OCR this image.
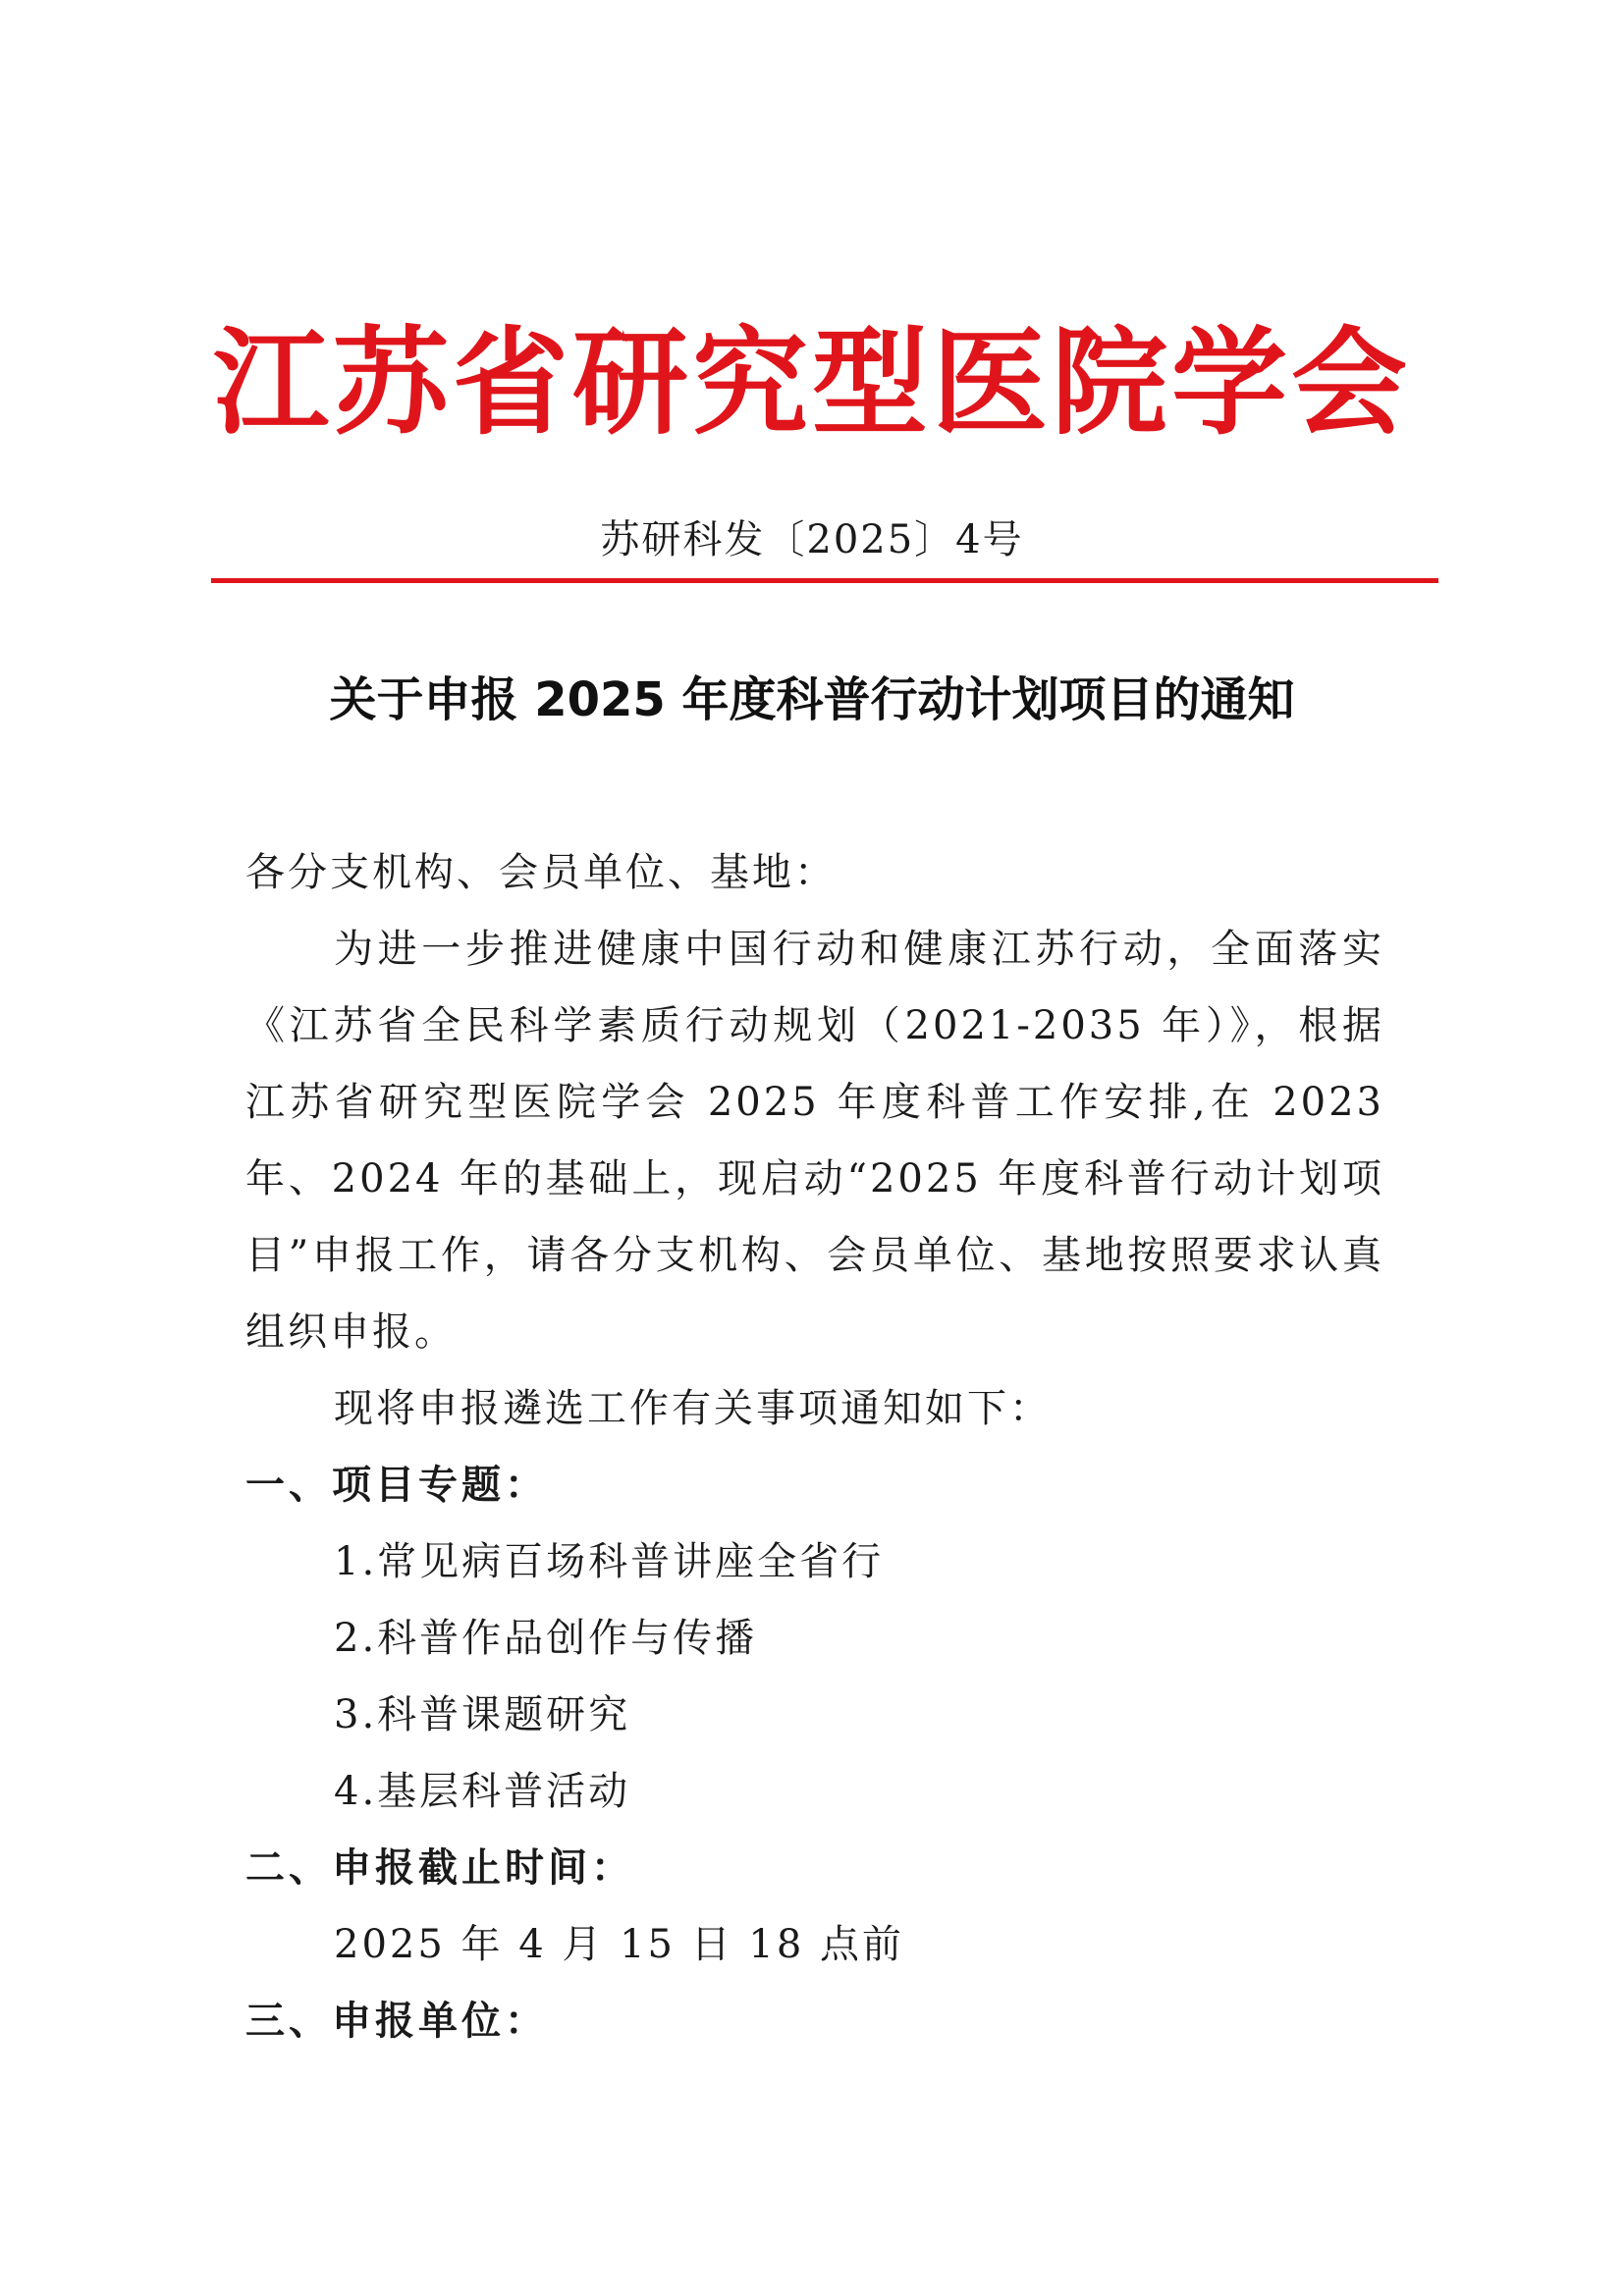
江苏省研究型医院学会
苏研科发〔2025〕4号
关于申报 2025 年度科普行动计划项目的通知

各分支机构、会员单位、基地：

为进一步推进健康中国行动和健康江苏行动，全面落实《江苏省全民科学素质行动规划（2021-2035 年）》，根据江苏省研究型医院学会 2025 年度科普工作安排,在 2023 年、2024 年的基础上，现启动“2025 年度科普行动计划项目”申报工作，请各分支机构、会员单位、基地按照要求认真组织申报。

现将申报遴选工作有关事项通知如下：

一、项目专题：

1.常见病百场科普讲座全省行

2.科普作品创作与传播

3.科普课题研究

4.基层科普活动

二、申报截止时间：

2025 年 4 月 15 日 18 点前

三、申报单位：
